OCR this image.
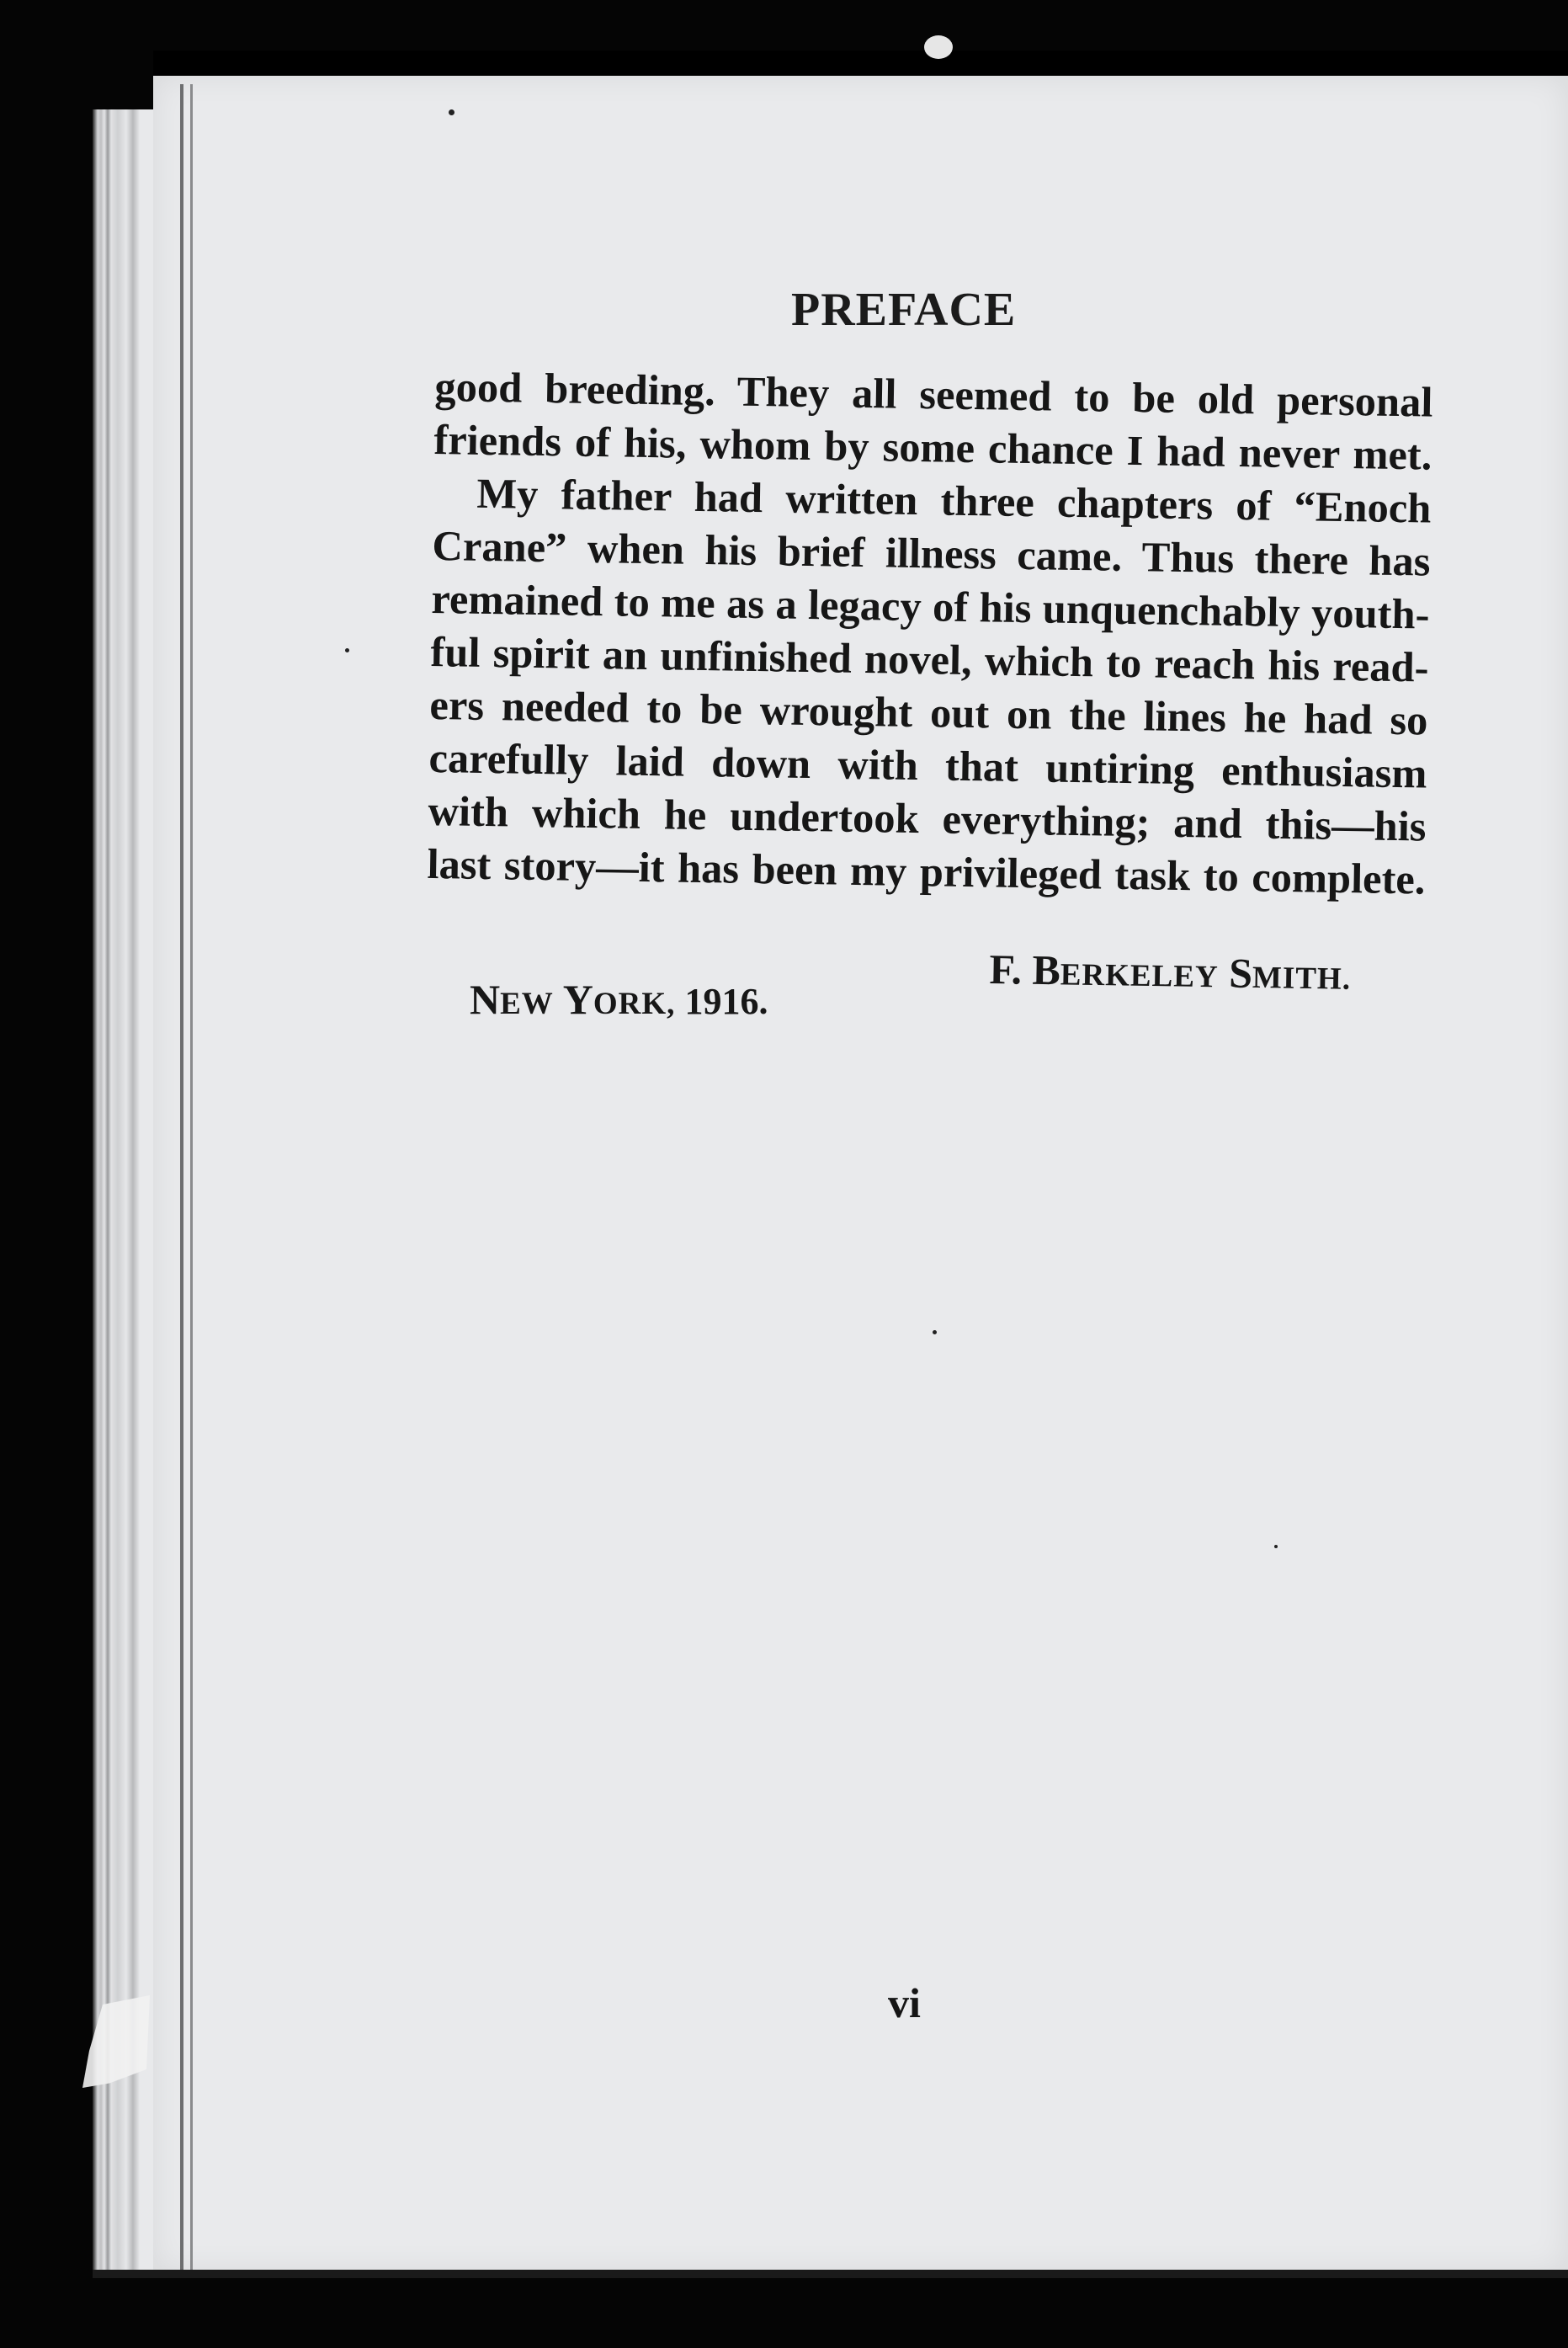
PREFACE

good breeding. They all seemed to be old personal
friends of his, whom by some chance I had never met.

My father had written three chapters of “Enoch
Crane” when his brief illness came. Thus there has
remained to me as a legacy of his unquenchably youth-
ful spirit an unfinished novel, which to reach his read-
ers needed to be wrought out on the lines he had so
carefully laid down with that untiring enthusiasm
with which he undertook everything; and this—his
last story—it has been my privileged task to complete.

F. BERKELEY SMITH.
NEW YORK, 1916.
vi
